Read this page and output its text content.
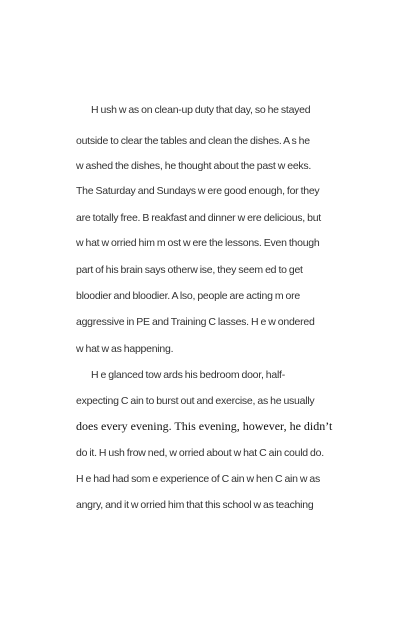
H ush w as on clean-up duty that day, so he stayed
outside to clear the tables and clean the dishes. A s he
w ashed the dishes, he thought about the past w eeks.
The Saturday and Sundays w ere good enough, for they
are totally free. B reakfast and dinner w ere delicious, but
w hat w orried him m ost w ere the lessons. Even though
part of his brain says otherw ise, they seem ed to get
bloodier and bloodier. A lso, people are acting m ore
aggressive in PE and Training C lasses. H e w ondered
w hat w as happening.
H e glanced tow ards his bedroom door, half-
expecting C ain to burst out and exercise, as he usually
does every evening. This evening, however, he didn’t
do it. H ush frow ned, w orried about w hat C ain could do.
H e had had som e experience of C ain w hen C ain w as
angry, and it w orried him that this school w as teaching
